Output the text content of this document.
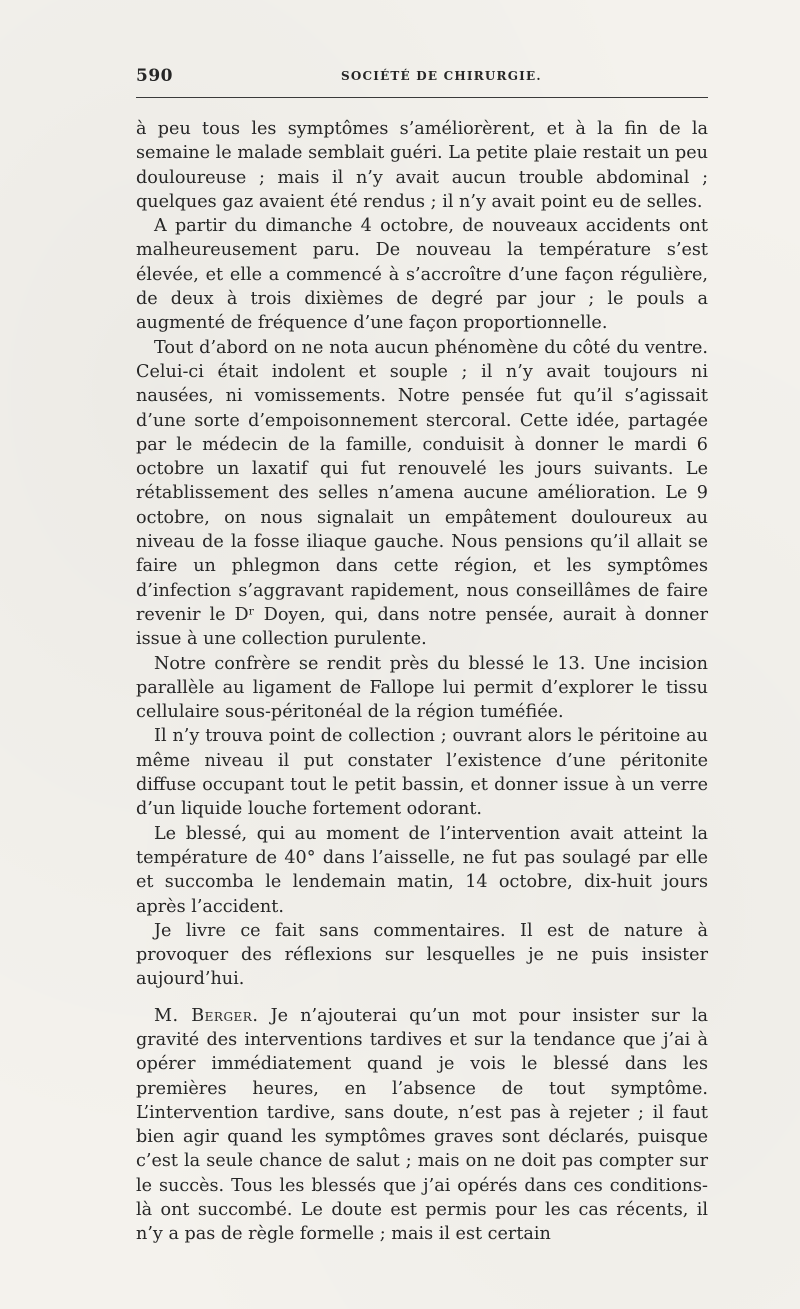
590	SOCIÉTÉ DE CHIRURGIE.

à peu tous les symptômes s’améliorèrent, et à la fin de la semaine le malade semblait guéri. La petite plaie restait un peu douloureuse ; mais il n’y avait aucun trouble abdominal ; quelques gaz avaient été rendus ; il n’y avait point eu de selles.

A partir du dimanche 4 octobre, de nouveaux accidents ont malheureusement paru. De nouveau la température s’est élevée, et elle a commencé à s’accroître d’une façon régulière, de deux à trois dixièmes de degré par jour ; le pouls a augmenté de fréquence d’une façon proportionnelle.

Tout d’abord on ne nota aucun phénomène du côté du ventre. Celui-ci était indolent et souple ; il n’y avait toujours ni nausées, ni vomissements. Notre pensée fut qu’il s’agissait d’une sorte d’empoisonnement stercoral. Cette idée, partagée par le médecin de la famille, conduisit à donner le mardi 6 octobre un laxatif qui fut renouvelé les jours suivants. Le rétablissement des selles n’amena aucune amélioration. Le 9 octobre, on nous signalait un empâtement douloureux au niveau de la fosse iliaque gauche. Nous pensions qu’il allait se faire un phlegmon dans cette région, et les symptômes d’infection s’aggravant rapidement, nous conseillâmes de faire revenir le Dʳ Doyen, qui, dans notre pensée, aurait à donner issue à une collection purulente.

Notre confrère se rendit près du blessé le 13. Une incision parallèle au ligament de Fallope lui permit d’explorer le tissu cellulaire sous-péritonéal de la région tuméfiée.

Il n’y trouva point de collection ; ouvrant alors le péritoine au même niveau il put constater l’existence d’une péritonite diffuse occupant tout le petit bassin, et donner issue à un verre d’un liquide louche fortement odorant.

Le blessé, qui au moment de l’intervention avait atteint la température de 40° dans l’aisselle, ne fut pas soulagé par elle et succomba le lendemain matin, 14 octobre, dix-huit jours après l’accident.

Je livre ce fait sans commentaires. Il est de nature à provoquer des réflexions sur lesquelles je ne puis insister aujourd’hui.

M. Berger. Je n’ajouterai qu’un mot pour insister sur la gravité des interventions tardives et sur la tendance que j’ai à opérer immédiatement quand je vois le blessé dans les premières heures, en l’absence de tout symptôme. L’intervention tardive, sans doute, n’est pas à rejeter ; il faut bien agir quand les symptômes graves sont déclarés, puisque c’est la seule chance de salut ; mais on ne doit pas compter sur le succès. Tous les blessés que j’ai opérés dans ces conditions-là ont succombé. Le doute est permis pour les cas récents, il n’y a pas de règle formelle ; mais il est certain
